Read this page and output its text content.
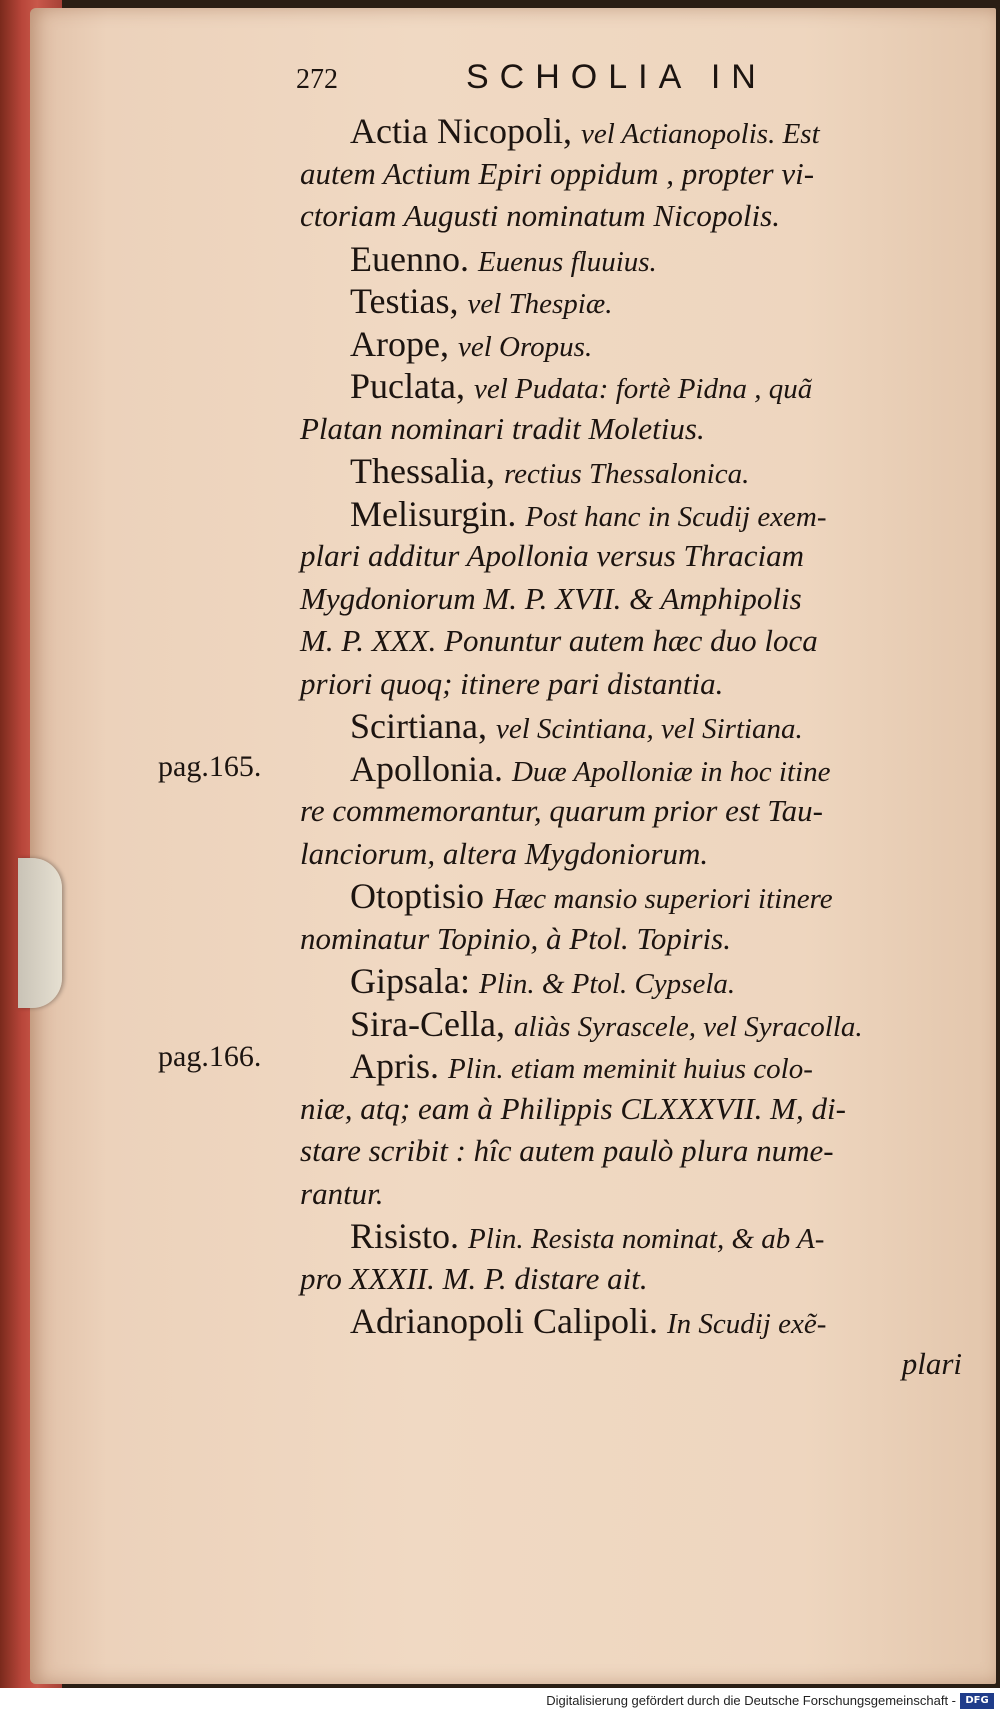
272	SCHOLIA IN
pag.165.
pag.166.
Actia Nicopoli, vel Actianopolis. Est
autem Actium Epiri oppidum , propter vi-
ctoriam Augusti nominatum Nicopolis.
Euenno. Euenus fluuius.
Testias, vel Thespiæ.
Arope, vel Oropus.
Puclata, vel Pudata: fortè Pidna , quã
Platan nominari tradit Moletius.
Thessalia, rectius Thessalonica.
Melisurgin. Post hanc in Scudij exem-
plari additur Apollonia versus Thraciam
Mygdoniorum M. P. XVII. & Amphipolis
M. P. XXX. Ponuntur autem hæc duo loca
priori quoq; itinere pari distantia.
Scirtiana, vel Scintiana, vel Sirtiana.
Apollonia. Duæ Apolloniæ in hoc itine
re commemorantur, quarum prior est Tau-
lanciorum, altera Mygdoniorum.
Otoptisio Hæc mansio superiori itinere
nominatur Topinio, à Ptol. Topiris.
Gipsala: Plin. & Ptol. Cypsela.
Sira-Cella, aliàs Syrascele, vel Syracolla.
Apris. Plin. etiam meminit huius colo-
niæ, atq; eam à Philippis CLXXXVII. M, di-
stare scribit : hîc autem paulò plura nume-
rantur.
Risisto. Plin. Resista nominat, & ab A-
pro XXXII. M. P. distare ait.
Adrianopoli Calipoli. In Scudij exẽ-
plari
Digitalisierung gefördert durch die Deutsche Forschungsgemeinschaft - DFG
